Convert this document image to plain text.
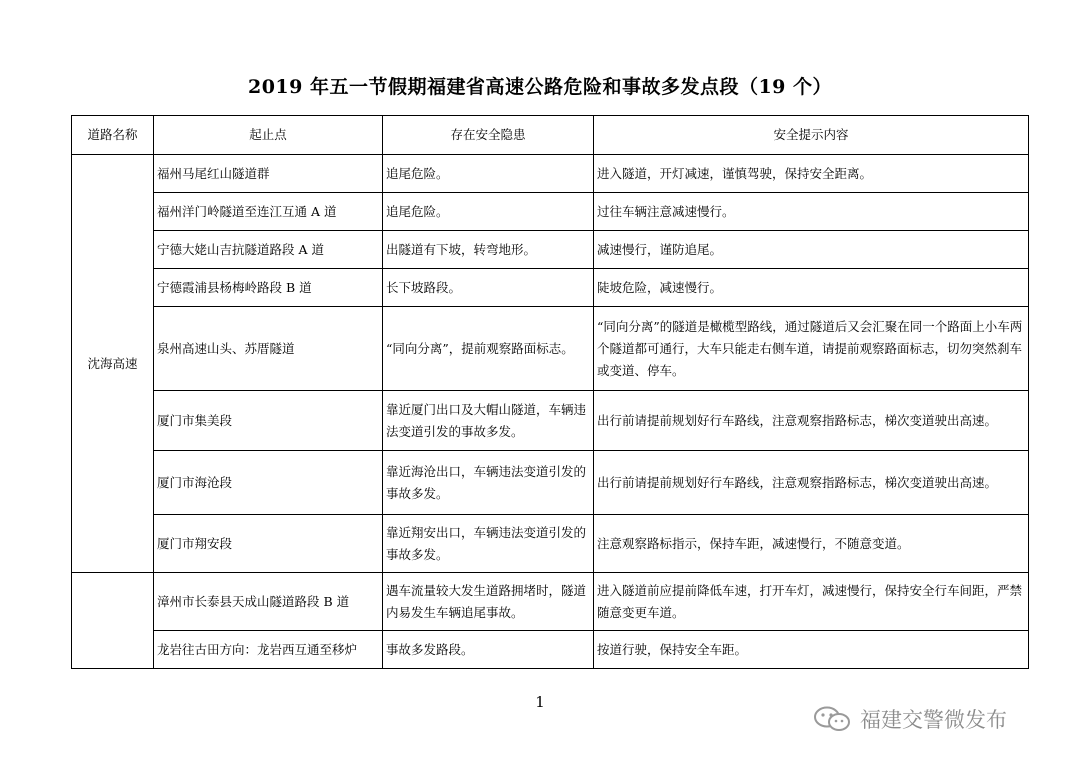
2019 年五一节假期福建省高速公路危险和事故多发点段（19 个）
道路名称	起止点	存在安全隐患	安全提示内容
沈海高速	福州马尾红山隧道群	追尾危险。	进入隧道，开灯减速，谨慎驾驶，保持安全距离。
	福州洋门岭隧道至连江互通 A 道	追尾危险。	过往车辆注意减速慢行。
	宁德大姥山吉抗隧道路段 A 道	出隧道有下坡，转弯地形。	减速慢行，谨防追尾。
	宁德霞浦县杨梅岭路段 B 道	长下坡路段。	陡坡危险，减速慢行。
	泉州高速山头、苏厝隧道	“同向分离”，提前观察路面标志。	“同向分离”的隧道是橄榄型路线，通过隧道后又会汇聚在同一个路面上小车两个隧道都可通行，大车只能走右侧车道，请提前观察路面标志，切勿突然刹车或变道、停车。
	厦门市集美段	靠近厦门出口及大帽山隧道，车辆违法变道引发的事故多发。	出行前请提前规划好行车路线，注意观察指路标志，梯次变道驶出高速。
	厦门市海沧段	靠近海沧出口，车辆违法变道引发的事故多发。	出行前请提前规划好行车路线，注意观察指路标志，梯次变道驶出高速。
	厦门市翔安段	靠近翔安出口，车辆违法变道引发的事故多发。	注意观察路标指示，保持车距，减速慢行，不随意变道。
	漳州市长泰县天成山隧道路段 B 道	遇车流量较大发生道路拥堵时，隧道内易发生车辆追尾事故。	进入隧道前应提前降低车速，打开车灯，减速慢行，保持安全行车间距，严禁随意变更车道。
	龙岩往古田方向：龙岩西互通至移炉	事故多发路段。	按道行驶，保持安全车距。
1
福建交警微发布
